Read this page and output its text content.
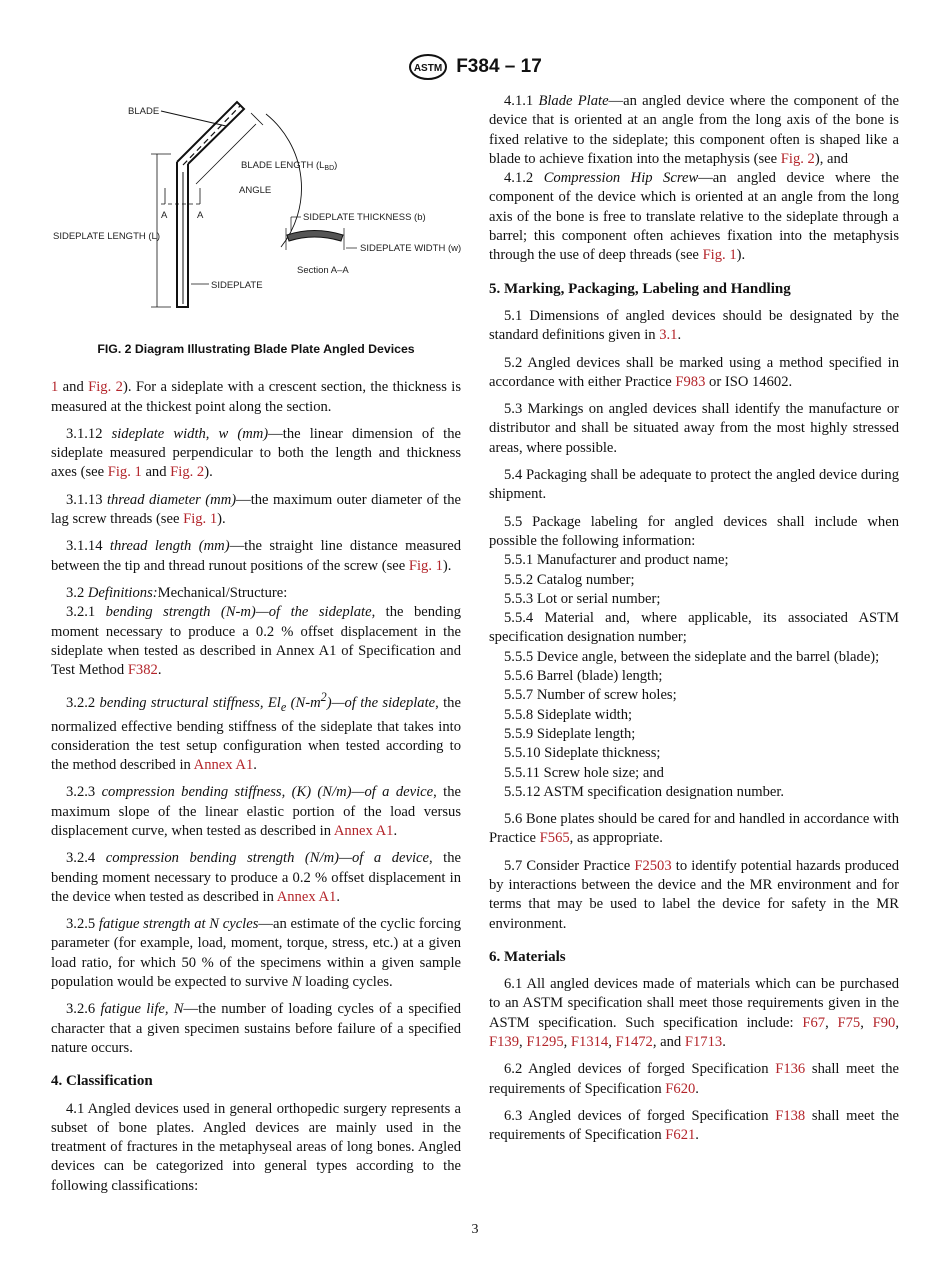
ASTM F384 – 17
BLADE
BLADE LENGTH $(L_{BD})$
ANGLE
A	A
SIDEPLATE LENGTH (L)
SIDEPLATE THICKNESS (b)
SIDEPLATE WIDTH (w)
Section A–A
SIDEPLATE
FIG. 2 Diagram Illustrating Blade Plate Angled Devices

1 and Fig. 2). For a sideplate with a crescent section, the thickness is measured at the thickest point along the section.

3.1.12 sideplate width, w (mm)—the linear dimension of the sideplate measured perpendicular to both the length and thickness axes (see Fig. 1 and Fig. 2).

3.1.13 thread diameter (mm)—the maximum outer diameter of the lag screw threads (see Fig. 1).

3.1.14 thread length (mm)—the straight line distance measured between the tip and thread runout positions of the screw (see Fig. 1).

3.2 Definitions:Mechanical/Structure:

3.2.1 bending strength (N-m)—of the sideplate, the bending moment necessary to produce a 0.2 % offset displacement in the sideplate when tested as described in Annex A1 of Specification and Test Method F382.

3.2.2 bending structural stiffness, $El_e$ $(N-m^2)—of$ the sideplate, the normalized effective bending stiffness of the sideplate that takes into consideration the test setup configuration when tested according to the method described in Annex A1.

3.2.3 compression bending stiffness, (K) (N/m)—of a device, the maximum slope of the linear elastic portion of the load versus displacement curve, when tested as described in Annex A1.

3.2.4 compression bending strength (N/m)—of a device, the bending moment necessary to produce a 0.2 % offset displacement in the device when tested as described in Annex A1.

3.2.5 fatigue strength at N cycles—an estimate of the cyclic forcing parameter (for example, load, moment, torque, stress, etc.) at a given load ratio, for which 50 % of the specimens within a given sample population would be expected to survive N loading cycles.

3.2.6 fatigue life, N—the number of loading cycles of a specified character that a given specimen sustains before failure of a specified nature occurs.

4. Classification

4.1 Angled devices used in general orthopedic surgery represents a subset of bone plates. Angled devices are mainly used in the treatment of fractures in the metaphyseal areas of long bones. Angled devices can be categorized into general types according to the following classifications:

4.1.1 Blade Plate—an angled device where the component of the device that is oriented at an angle from the long axis of the bone is fixed relative to the sideplate; this component often is shaped like a blade to achieve fixation into the metaphysis (see Fig. 2), and

4.1.2 Compression Hip Screw—an angled device where the component of the device which is oriented at an angle from the long axis of the bone is free to translate relative to the sideplate through a barrel; this component often achieves fixation into the metaphysis through the use of deep threads (see Fig. 1).

5. Marking, Packaging, Labeling and Handling

5.1 Dimensions of angled devices should be designated by the standard definitions given in 3.1.

5.2 Angled devices shall be marked using a method specified in accordance with either Practice F983 or ISO 14602.

5.3 Markings on angled devices shall identify the manufacture or distributor and shall be situated away from the most highly stressed areas, where possible.

5.4 Packaging shall be adequate to protect the angled device during shipment.

5.5 Package labeling for angled devices shall include when possible the following information:

5.5.1 Manufacturer and product name;

5.5.2 Catalog number;

5.5.3 Lot or serial number;

5.5.4 Material and, where applicable, its associated ASTM specification designation number;

5.5.5 Device angle, between the sideplate and the barrel (blade);

5.5.6 Barrel (blade) length;

5.5.7 Number of screw holes;

5.5.8 Sideplate width;

5.5.9 Sideplate length;

5.5.10 Sideplate thickness;

5.5.11 Screw hole size; and

5.5.12 ASTM specification designation number.

5.6 Bone plates should be cared for and handled in accordance with Practice F565, as appropriate.

5.7 Consider Practice F2503 to identify potential hazards produced by interactions between the device and the MR environment and for terms that may be used to label the device for safety in the MR environment.

6. Materials

6.1 All angled devices made of materials which can be purchased to an ASTM specification shall meet those requirements given in the ASTM specification. Such specification include: F67, F75, F90, F139, F1295, F1314, F1472, and F1713.

6.2 Angled devices of forged Specification F136 shall meet the requirements of Specification F620.

6.3 Angled devices of forged Specification F138 shall meet the requirements of Specification F621.

3
